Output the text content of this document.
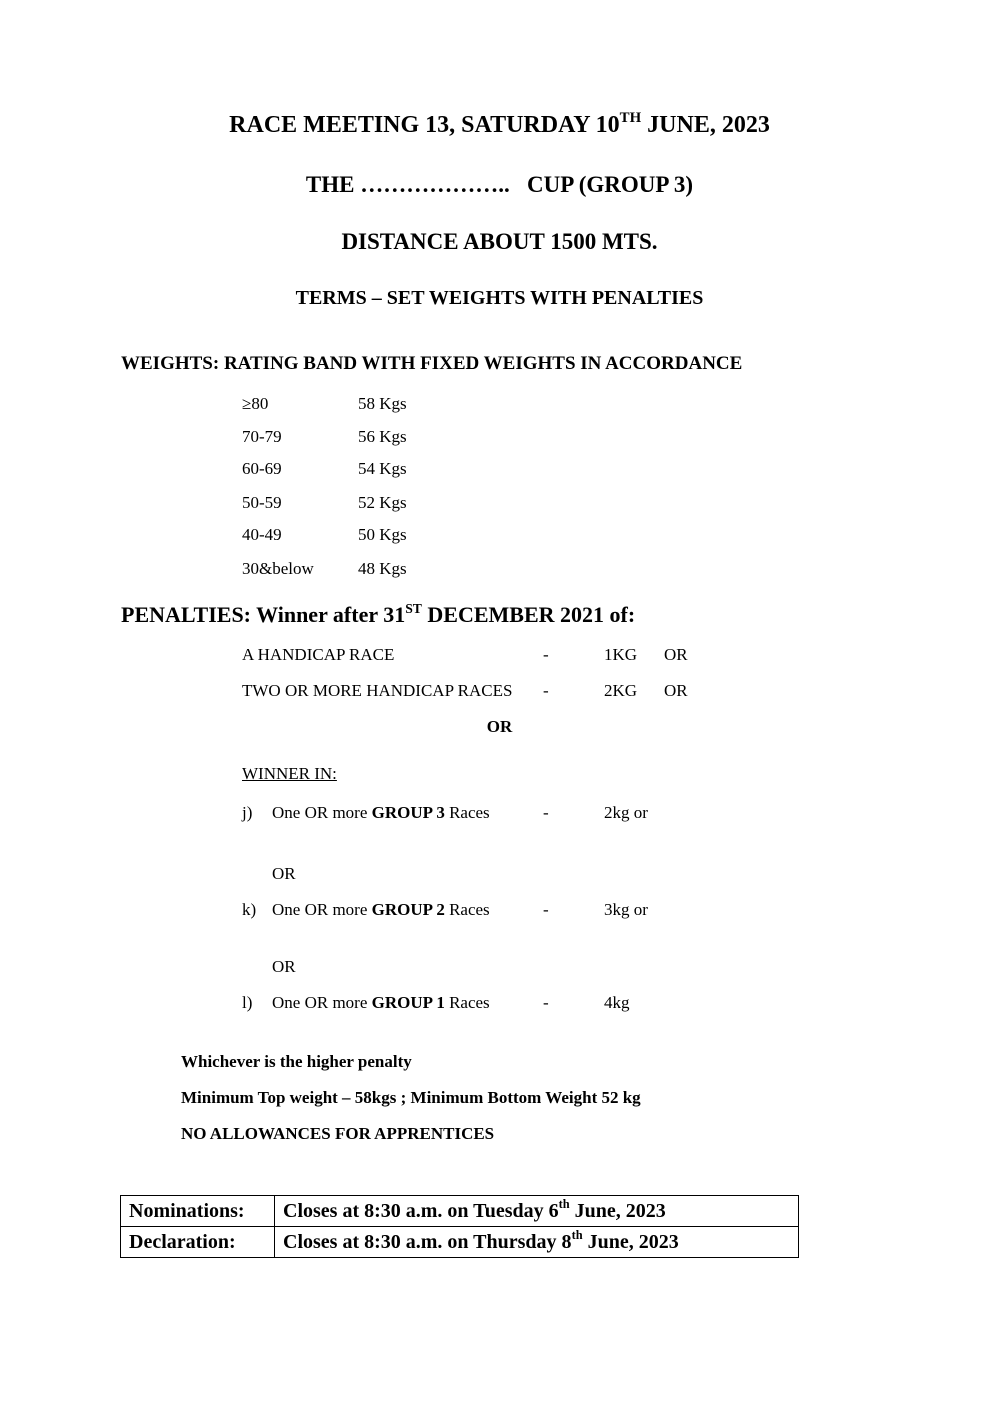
RACE MEETING 13, SATURDAY 10TH JUNE, 2023
THE ………………..   CUP (GROUP 3)
DISTANCE ABOUT 1500 MTS.
TERMS – SET WEIGHTS WITH PENALTIES
WEIGHTS: RATING BAND WITH FIXED WEIGHTS IN ACCORDANCE
≥80	58 Kgs
70-79	56 Kgs
60-69	54 Kgs
50-59	52 Kgs
40-49	50 Kgs
30&below	48 Kgs
PENALTIES: Winner after 31ST DECEMBER 2021 of:
A HANDICAP RACE	-	1KG OR
TWO OR MORE HANDICAP RACES -	2KG OR
OR
WINNER IN:
j) One OR more GROUP 3 Races	-	2kg or
OR
k) One OR more GROUP 2 Races	-	3kg or
OR
l) One OR more GROUP 1 Races	-	4kg
Whichever is the higher penalty
Minimum Top weight – 58kgs ; Minimum Bottom Weight 52 kg
NO ALLOWANCES FOR APPRENTICES
Nominations:	Closes at 8:30 a.m. on Tuesday 6th June, 2023
Declaration:	Closes at 8:30 a.m. on Thursday 8th June, 2023
